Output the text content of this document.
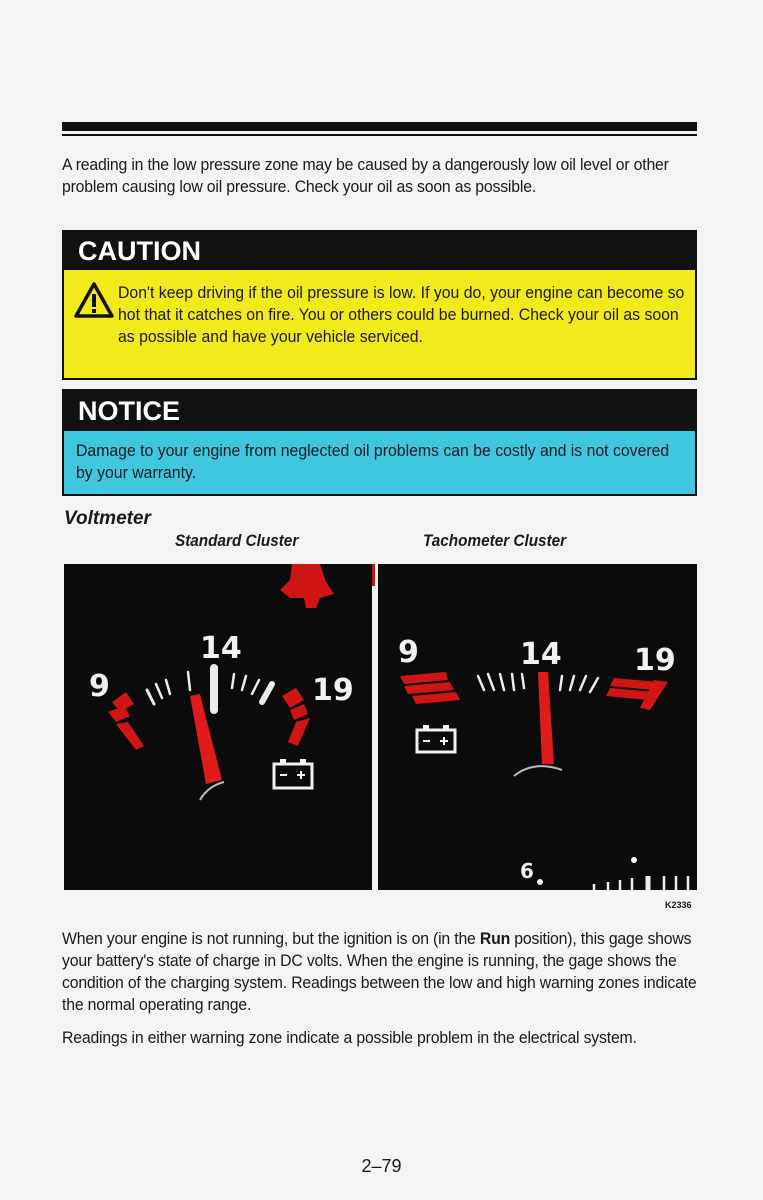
A reading in the low pressure zone may be caused by a dangerously low oil level or other problem causing low oil pressure. Check your oil as soon as possible.
CAUTION
Don't keep driving if the oil pressure is low. If you do, your engine can become so hot that it catches on fire. You or others could be burned. Check your oil as soon as possible and have your vehicle serviced.
NOTICE
Damage to your engine from neglected oil problems can be costly and is not covered by your warranty.
Voltmeter
Standard Cluster	Tachometer Cluster
14
9	19
9	14 19
6
K2336
When your engine is not running, but the ignition is on (in the Run position), this gage shows your battery's state of charge in DC volts. When the engine is running, the gage shows the condition of the charging system. Readings between the low and high warning zones indicate the normal operating range.
Readings in either warning zone indicate a possible problem in the electrical system.
2–79
